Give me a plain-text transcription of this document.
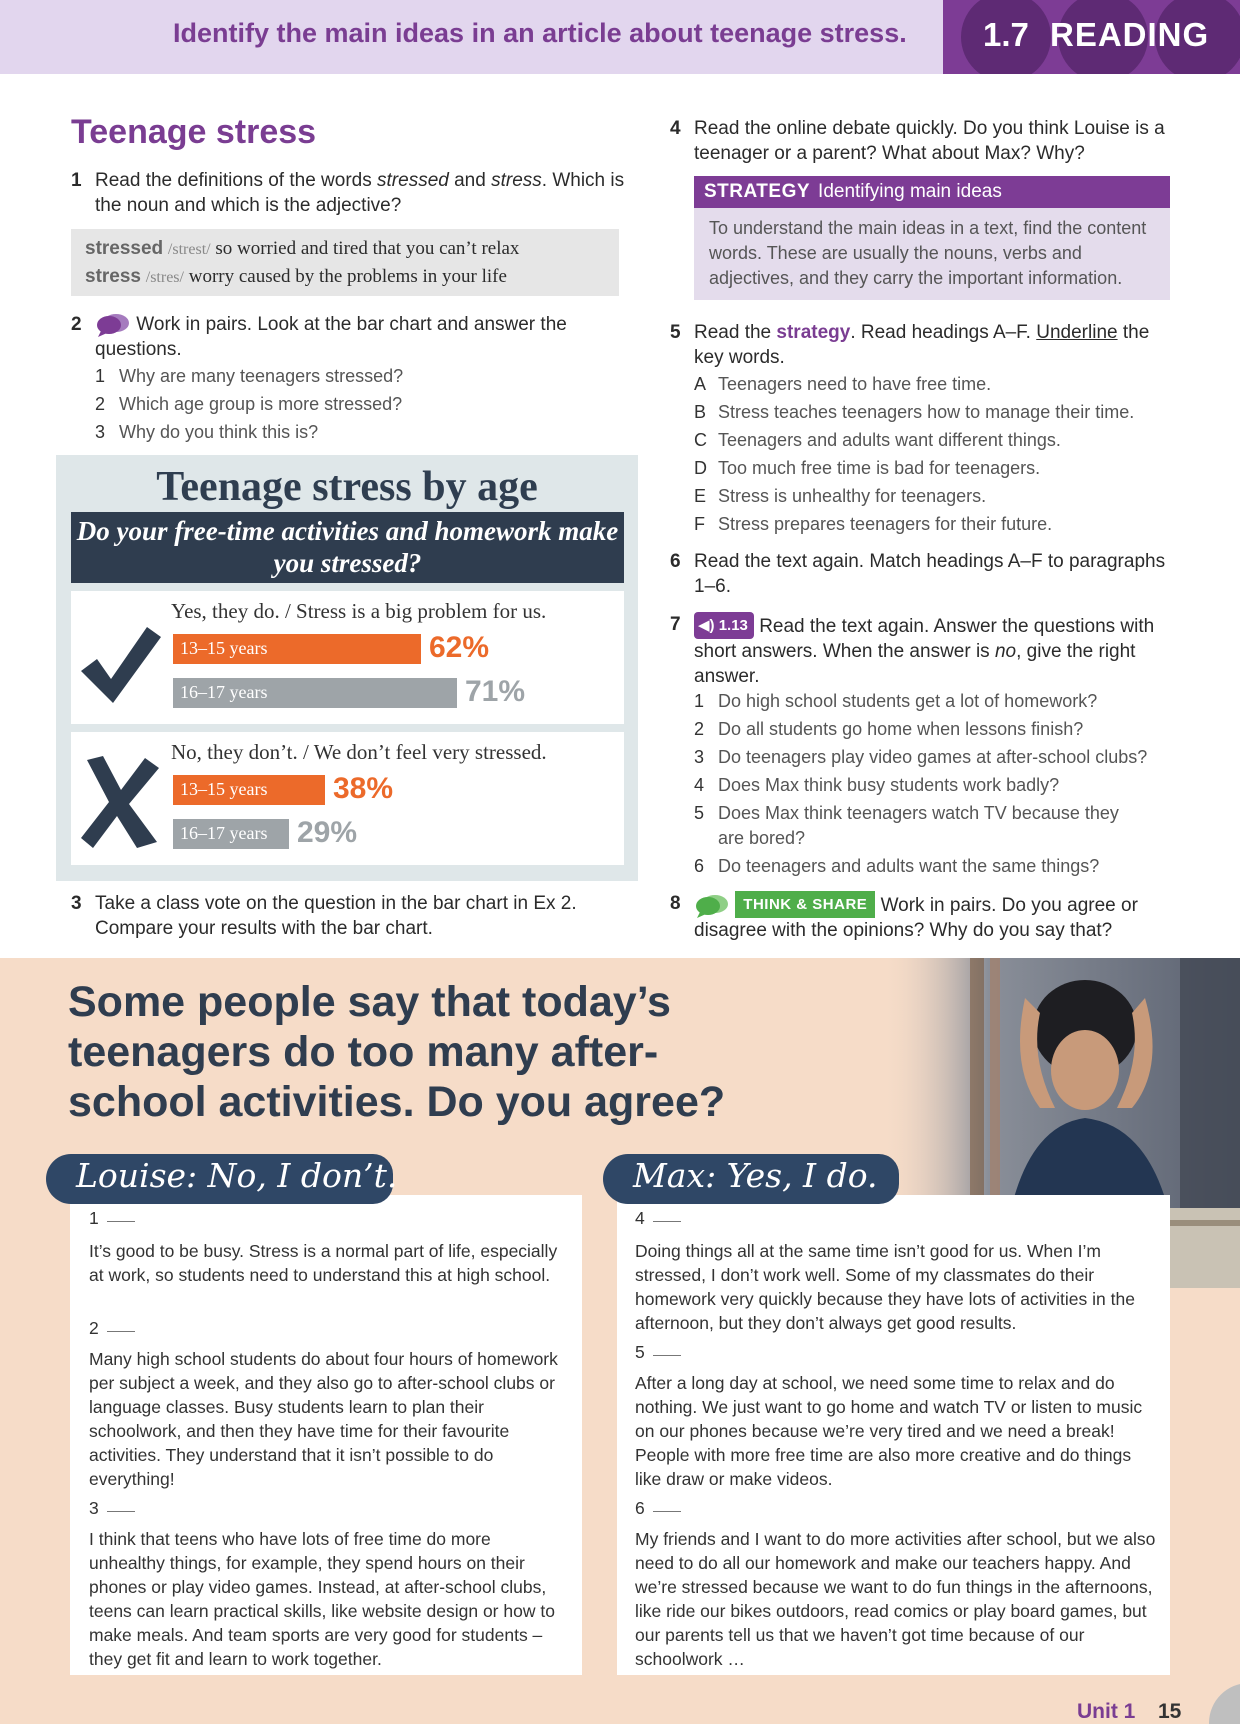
Identify the main ideas in an article about teenage stress. 1.7 READING
Teenage stress
1 Read the definitions of the words stressed and stress. Which is the noun and which is the adjective?
stressed /strest/ so worried and tired that you can’t relax
stress /stres/ worry caused by the problems in your life
2	Work in pairs. Look at the bar chart and answer the questions.
1 Why are many teenagers stressed?
2 Which age group is more stressed?
3 Why do you think this is?
Teenage stress by age
Do your free-time activities and homework make you stressed?
Yes, they do. / Stress is a big problem for us.
13–15 years	62%
16–17 years	71%
No, they don’t. / We don’t feel very stressed.
13–15 years 38%
16–17 years 29%
3 Take a class vote on the question in the bar chart in Ex 2. Compare your results with the bar chart.
4 Read the online debate quickly. Do you think Louise is a teenager or a parent? What about Max? Why?
STRATEGY Identifying main ideas
To understand the main ideas in a text, find the content words. These are usually the nouns, verbs and adjectives, and they carry the important information.
5 Read the strategy. Read headings A–F. Underline the key words.
A Teenagers need to have free time.
B Stress teaches teenagers how to manage their time.
C Teenagers and adults want different things.
D Too much free time is bad for teenagers.
E Stress is unhealthy for teenagers.
F Stress prepares teenagers for their future.
6 Read the text again. Match headings A–F to paragraphs 1–6.
7	◀) 1.13 Read the text again. Answer the questions with short answers. When the answer is no, give the right answer.
1 Do high school students get a lot of homework?
2 Do all students go home when lessons finish?
3 Do teenagers play video games at after-school clubs?
4 Does Max think busy students work badly?
5 Does Max think teenagers watch TV because they are bored?
6 Do teenagers and adults want the same things?
8	THINK & SHARE Work in pairs. Do you agree or disagree with the opinions? Why do you say that?
Some people say that today’s teenagers do too many after-school activities. Do you agree?
Louise: No, I don’t.
1
It’s good to be busy. Stress is a normal part of life, especially at work, so students need to understand this at high school.
2
Many high school students do about four hours of homework per subject a week, and they also go to after-school clubs or language classes. Busy students learn to plan their schoolwork, and then they have time for their favourite activities. They understand that it isn’t possible to do everything!
3
I think that teens who have lots of free time do more unhealthy things, for example, they spend hours on their phones or play video games. Instead, at after-school clubs, teens can learn practical skills, like website design or how to make meals. And team sports are very good for students – they get fit and learn to work together.
Max: Yes, I do.
4
Doing things all at the same time isn’t good for us. When I’m stressed, I don’t work well. Some of my classmates do their homework very quickly because they have lots of activities in the afternoon, but they don’t always get good results.
5
After a long day at school, we need some time to relax and do nothing. We just want to go home and watch TV or listen to music on our phones because we’re very tired and we need a break! People with more free time are also more creative and do things like draw or make videos.
6
My friends and I want to do more activities after school, but we also need to do all our homework and make our teachers happy. And we’re stressed because we want to do fun things in the afternoons, like ride our bikes outdoors, read comics or play board games, but our parents tell us that we haven’t got time because of our schoolwork …
Unit 1 15
